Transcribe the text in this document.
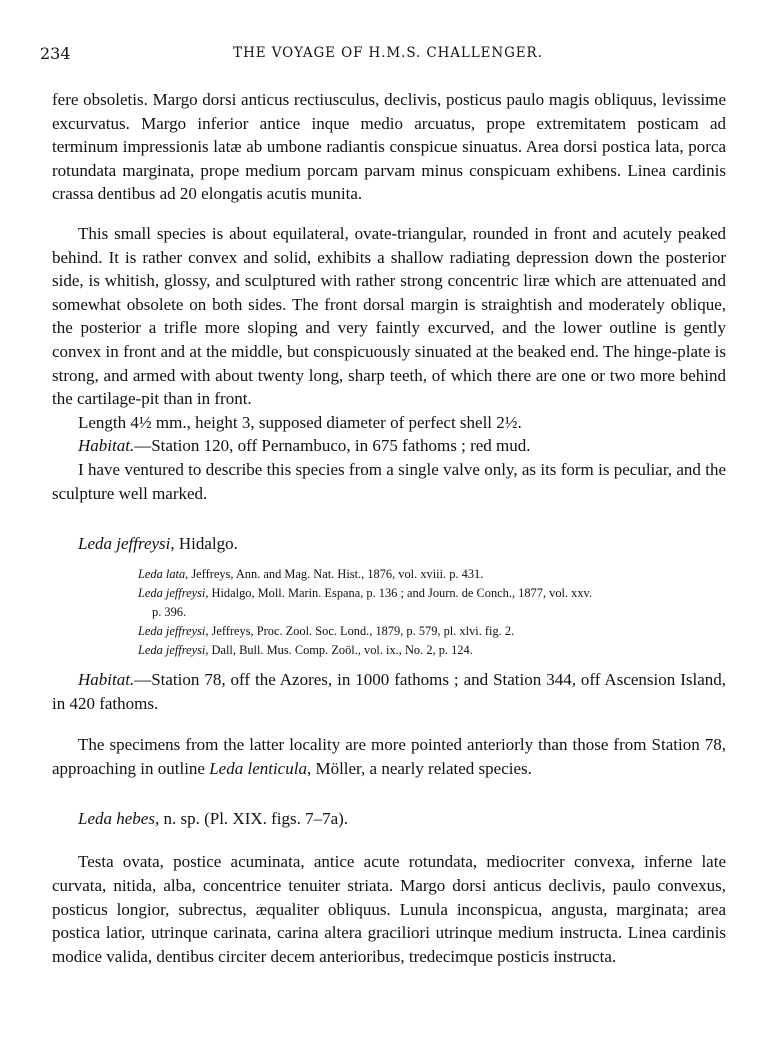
234	THE VOYAGE OF H.M.S. CHALLENGER.

fere obsoletis. Margo dorsi anticus rectiusculus, declivis, posticus paulo magis obliquus, levissime excurvatus. Margo inferior antice inque medio arcuatus, prope extremitatem posticam ad terminum impressionis latæ ab umbone radiantis conspicue sinuatus. Area dorsi postica lata, porca rotundata marginata, prope medium porcam parvam minus conspicuam exhibens. Linea cardinis crassa dentibus ad 20 elongatis acutis munita.

This small species is about equilateral, ovate-triangular, rounded in front and acutely peaked behind. It is rather convex and solid, exhibits a shallow radiating depression down the posterior side, is whitish, glossy, and sculptured with rather strong concentric liræ which are attenuated and somewhat obsolete on both sides. The front dorsal margin is straightish and moderately oblique, the posterior a trifle more sloping and very faintly excurved, and the lower outline is gently convex in front and at the middle, but conspicuously sinuated at the beaked end. The hinge-plate is strong, and armed with about twenty long, sharp teeth, of which there are one or two more behind the cartilage-pit than in front.

Length 4½ mm., height 3, supposed diameter of perfect shell 2½.

Habitat.—Station 120, off Pernambuco, in 675 fathoms ; red mud.

I have ventured to describe this species from a single valve only, as its form is peculiar, and the sculpture well marked.

Leda jeffreysi, Hidalgo.

Leda lata, Jeffreys, Ann. and Mag. Nat. Hist., 1876, vol. xviii. p. 431.

Leda jeffreysi, Hidalgo, Moll. Marin. Espana, p. 136 ; and Journ. de Conch., 1877, vol. xxv.
p. 396.

Leda jeffreysi, Jeffreys, Proc. Zool. Soc. Lond., 1879, p. 579, pl. xlvi. fig. 2.

Leda jeffreysi, Dall, Bull. Mus. Comp. Zoöl., vol. ix., No. 2, p. 124.

Habitat.—Station 78, off the Azores, in 1000 fathoms ; and Station 344, off Ascension Island, in 420 fathoms.

The specimens from the latter locality are more pointed anteriorly than those from Station 78, approaching in outline Leda lenticula, Möller, a nearly related species.

Leda hebes, n. sp. (Pl. XIX. figs. 7–7a).

Testa ovata, postice acuminata, antice acute rotundata, mediocriter convexa, inferne late curvata, nitida, alba, concentrice tenuiter striata. Margo dorsi anticus declivis, paulo convexus, posticus longior, subrectus, æqualiter obliquus. Lunula inconspicua, angusta, marginata; area postica latior, utrinque carinata, carina altera graciliori utrinque medium instructa. Linea cardinis modice valida, dentibus circiter decem anterioribus, tredecimque posticis instructa.
